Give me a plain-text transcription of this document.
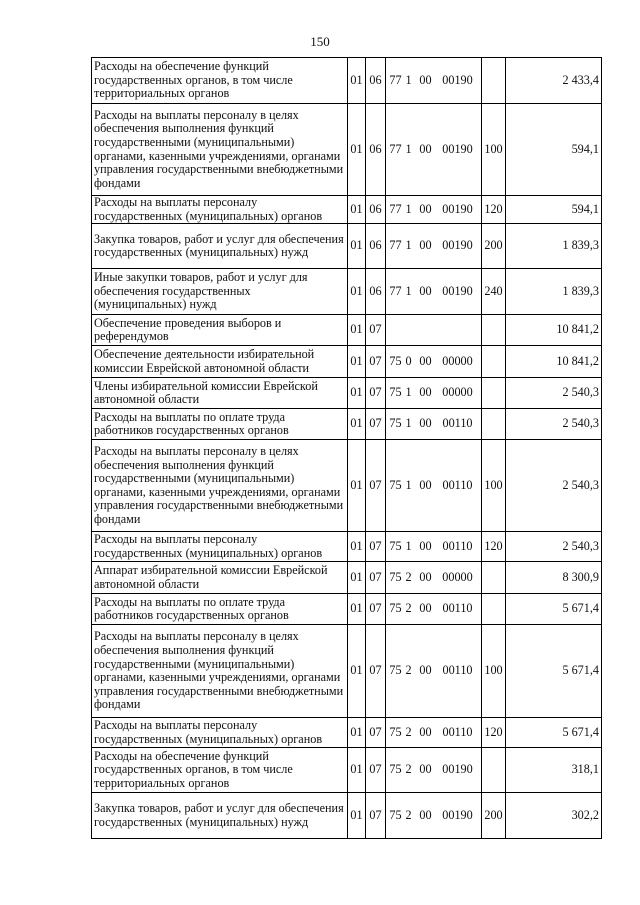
150
Расходы на обеспечение функций государственных органов, в том числе территориальных органов	01	06	77 1 00 00190		2 433,4
Расходы на выплаты персоналу в целях обеспечения выполнения функций государственными (муниципальными) органами, казенными учреждениями, органами управления государственными внебюджетными фондами	01	06	77 1 00 00190	100	594,1
Расходы на выплаты персоналу государственных (муниципальных) органов	01	06	77 1 00 00190	120	594,1
Закупка товаров, работ и услуг для обеспечения государственных (муниципальных) нужд	01	06	77 1 00 00190	200	1 839,3
Иные закупки товаров, работ и услуг для обеспечения государственных (муниципальных) нужд	01	06	77 1 00 00190	240	1 839,3
Обеспечение проведения выборов и референдумов	01	07			10 841,2
Обеспечение деятельности избирательной комиссии Еврейской автономной области	01	07	75 0 00 00000		10 841,2
Члены избирательной комиссии Еврейской автономной области	01	07	75 1 00 00000		2 540,3
Расходы на выплаты по оплате труда работников государственных органов	01	07	75 1 00 00110		2 540,3
Расходы на выплаты персоналу в целях обеспечения выполнения функций государственными (муниципальными) органами, казенными учреждениями, органами управления государственными внебюджетными фондами	01	07	75 1 00 00110	100	2 540,3
Расходы на выплаты персоналу государственных (муниципальных) органов	01	07	75 1 00 00110	120	2 540,3
Аппарат избирательной комиссии Еврейской автономной области	01	07	75 2 00 00000		8 300,9
Расходы на выплаты по оплате труда работников государственных органов	01	07	75 2 00 00110		5 671,4
Расходы на выплаты персоналу в целях обеспечения выполнения функций государственными (муниципальными) органами, казенными учреждениями, органами управления государственными внебюджетными фондами	01	07	75 2 00 00110	100	5 671,4
Расходы на выплаты персоналу государственных (муниципальных) органов	01	07	75 2 00 00110	120	5 671,4
Расходы на обеспечение функций государственных органов, в том числе территориальных органов	01	07	75 2 00 00190		318,1
Закупка товаров, работ и услуг для обеспечения государственных (муниципальных) нужд	01	07	75 2 00 00190	200	302,2
